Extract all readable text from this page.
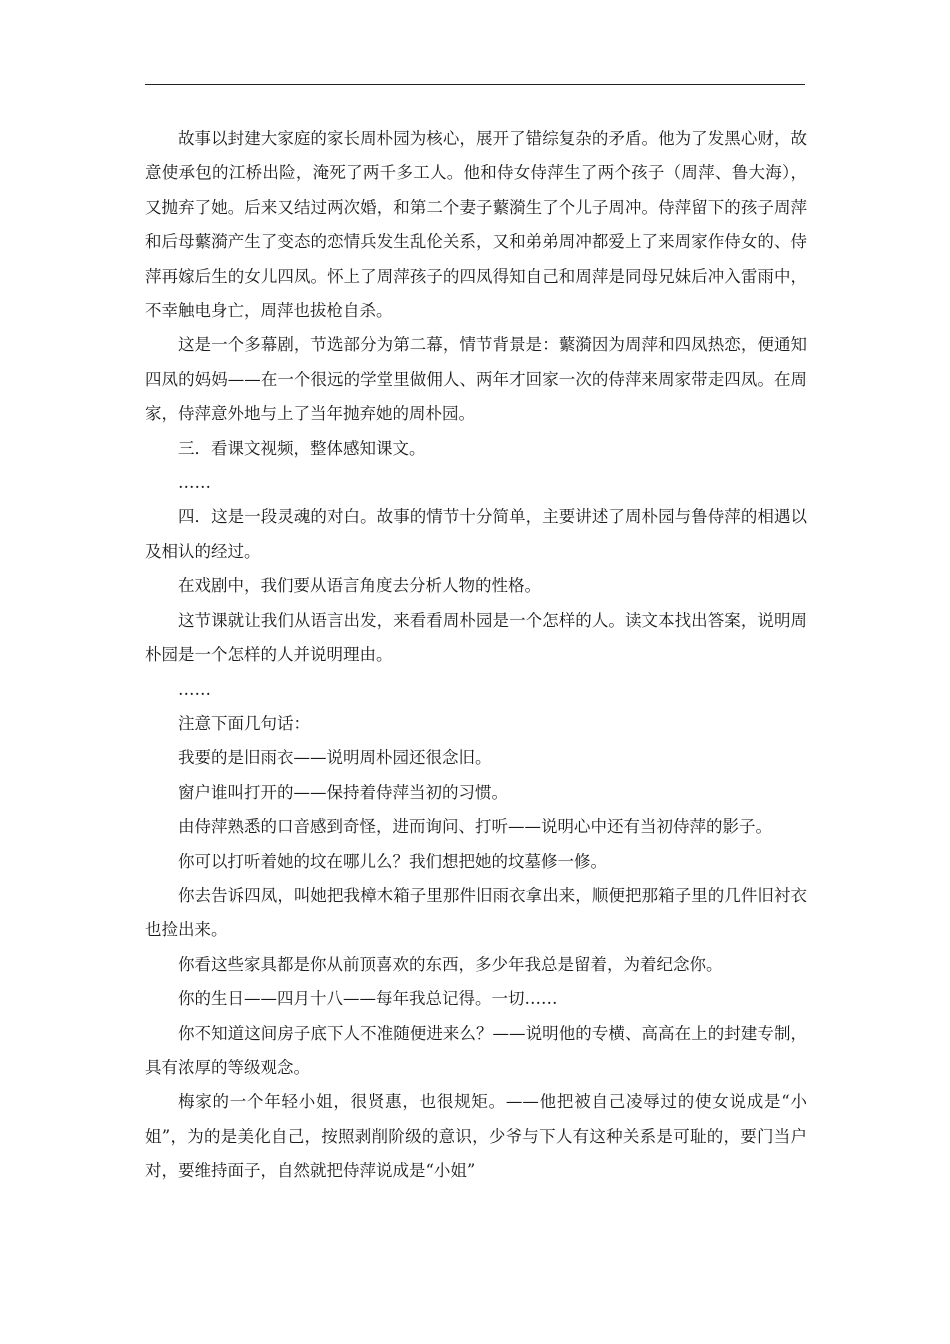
故事以封建大家庭的家长周朴园为核心，展开了错综复杂的矛盾。他为了发黑心财，故意使承包的江桥出险，淹死了两千多工人。他和侍女侍萍生了两个孩子（周萍、鲁大海），又抛弃了她。后来又结过两次婚，和第二个妻子蘩漪生了个儿子周冲。侍萍留下的孩子周萍和后母蘩漪产生了变态的恋情兵发生乱伦关系，又和弟弟周冲都爱上了来周家作侍女的、侍萍再嫁后生的女儿四凤。怀上了周萍孩子的四凤得知自己和周萍是同母兄妹后冲入雷雨中，不幸触电身亡，周萍也拔枪自杀。

这是一个多幕剧，节选部分为第二幕，情节背景是：蘩漪因为周萍和四凤热恋，便通知四凤的妈妈——在一个很远的学堂里做佣人、两年才回家一次的侍萍来周家带走四凤。在周家，侍萍意外地与上了当年抛弃她的周朴园。

三．看课文视频，整体感知课文。

……

四．这是一段灵魂的对白。故事的情节十分简单，主要讲述了周朴园与鲁侍萍的相遇以及相认的经过。

在戏剧中，我们要从语言角度去分析人物的性格。

这节课就让我们从语言出发，来看看周朴园是一个怎样的人。读文本找出答案，说明周朴园是一个怎样的人并说明理由。

……

注意下面几句话：

我要的是旧雨衣——说明周朴园还很念旧。

窗户谁叫打开的——保持着侍萍当初的习惯。

由侍萍熟悉的口音感到奇怪，进而询问、打听——说明心中还有当初侍萍的影子。

你可以打听着她的坟在哪儿么？我们想把她的坟墓修一修。

你去告诉四凤，叫她把我樟木箱子里那件旧雨衣拿出来，顺便把那箱子里的几件旧衬衣也捡出来。

你看这些家具都是你从前顶喜欢的东西，多少年我总是留着，为着纪念你。

你的生日——四月十八——每年我总记得。一切……

你不知道这间房子底下人不准随便进来么？——说明他的专横、高高在上的封建专制，具有浓厚的等级观念。

梅家的一个年轻小姐，很贤惠，也很规矩。——他把被自己凌辱过的使女说成是“小姐”，为的是美化自己，按照剥削阶级的意识，少爷与下人有这种关系是可耻的，要门当户对，要维持面子，自然就把侍萍说成是“小姐”
